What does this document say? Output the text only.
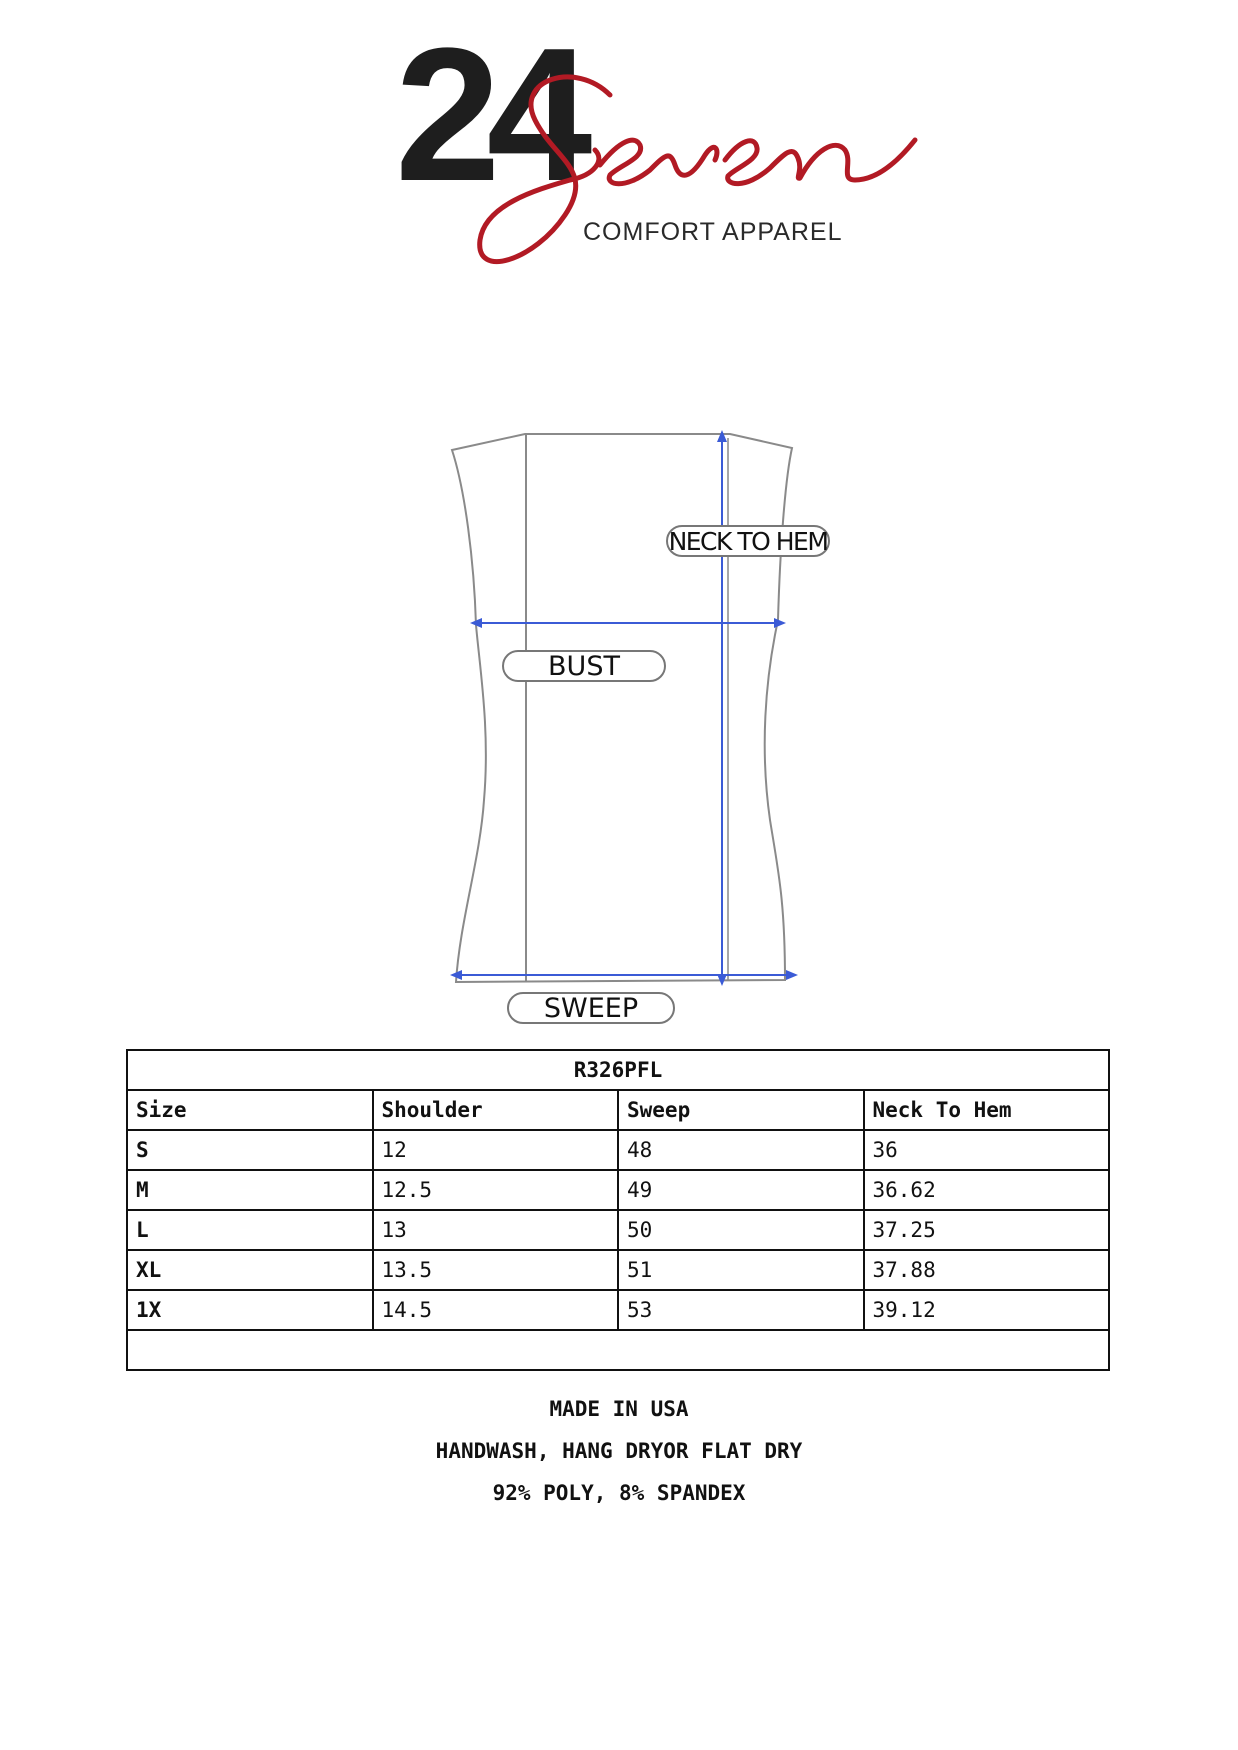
24
COMFORT APPAREL
NECK TO HEM
BUST
SWEEP
R326PFL			
Size	Shoulder	Sweep	Neck To Hem
S	12	48	36
M	12.5	49	36.62
L	13	50	37.25
XL	13.5	51	37.88
1X	14.5	53	39.12

MADE IN USA
HANDWASH, HANG DRYOR FLAT DRY
92% POLY, 8% SPANDEX
